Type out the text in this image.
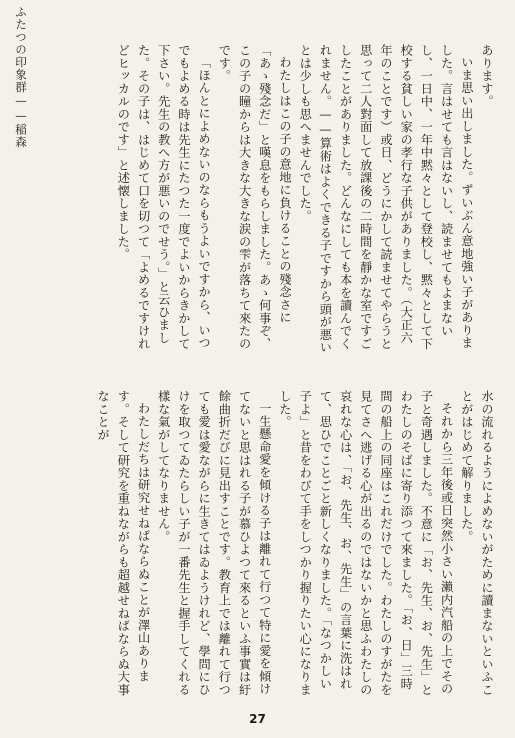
ふたつの印象群——稲森	あります。

いま思い出しました。ずいぶん意地強い子がありました。言はせても言はないし、読ませてもよまないし、一日中、一年中黙々として登校し、黙々として下校する貧しい家の孝行な子供がありました。（大正六年のことです）或日、どうにかして読ませてやらうと思って二人對面して放課後の二時間を靜かな室ですごしたことがありました。どんなにしても本を讀んでくれません。——算術はよくできる子ですから頭が悪いとは少しも思へませんでした。

わたしはこの子の意地に負けることの殘念さに「あゝ殘念だ」と嘆息をもらしました。あゝ何事ぞ、この子の瞳からは大きな大きな涙の雫が落ちて來たのです。

「ほんとによめないのならもうよいですから、いつでもよめる時は先生にたつた一度でよいからきかして下さい。先生の教へ方が悪いのでせう。」と云ひました。その子は、はじめて口を切つて「よめるですけれどヒッカルのです」と述懐しました。

水の流れるようによめないがために讀まないといふことがはじめて解りました。

それから三年後或日突然小さい瀨内汽船の上でその子と奇遇しました。不意に「お、先生、お、先生」とわたしのそばに寄り添つて來ました。「お、日」三時間の船上の同座はこれだけでした。わたしのすがたを見てさへ逃げる心が出るのではないかと思ふわたしの哀れな心は、「お、先生、お、先生」の言葉に洗はれて、思ひでことごと新しくなりました。「なつかしい子よ」と昔をわびて手をしつかり握りたい心になりました。

一生懸命愛を傾ける子は離れて行つて特に愛を傾けてないと思はれる子が慕ひよつて來るといふ事實は紆餘曲折だびに見出すことです。教育上では離れて行つても愛は愛ながらに生きてはゐようけれど、學問にひけを取つてゐたらしい子が一番先生と握手してくれる樣な氣がしてなりません。

わたしだちは研究せねばならぬことが澤山あります。そして研究を重ねながらも超越せねばならぬ大事なことが

27
